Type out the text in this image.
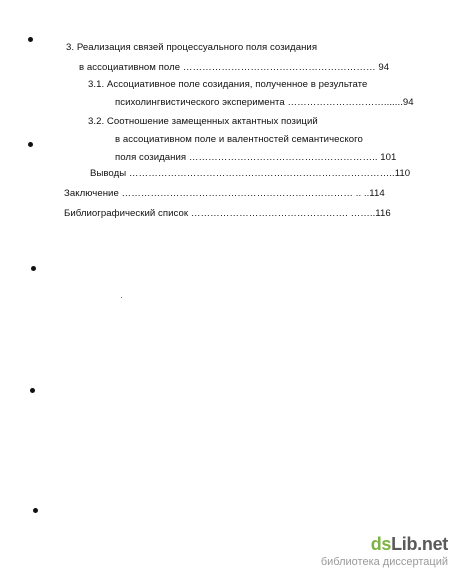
3. Реализация связей процессуального поля созидания
в ассоциативном поле …………………………………………………… 94
3.1. Ассоциативное поле созидания, полученное в результате
психолингвистического эксперимента ………………………….......94
3.2. Соотношение замещенных актантных позиций
в ассоциативном поле и валентностей семантического
поля созидания ………………………………………………….. 101
Выводы ………………………………………………………………………..110
Заключение ……………………………………………………………… .. ..114
Библиографический список …………………………………………. ……..116
dsLib.net
библиотека диссертаций
